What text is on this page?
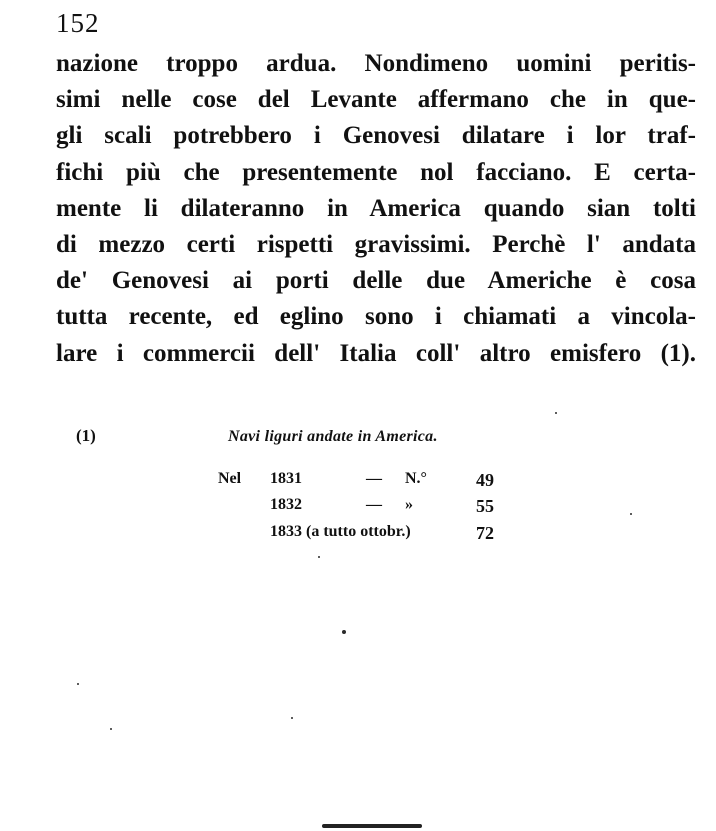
152
nazione troppo ardua. Nondimeno uomini peritis-
simi nelle cose del Levante affermano che in que-
gli scali potrebbero i Genovesi dilatare i lor traf-
fichi più che presentemente nol facciano. E certa-
mente li dilateranno in America quando sian tolti
di mezzo certi rispetti gravissimi. Perchè l' andata
de' Genovesi ai porti delle due Americhe è cosa
tutta recente, ed eglino sono i chiamati a vincola-
lare i commercii dell' Italia coll' altro emisfero (1).
(1)	Navi liguri andate in America.
Nel 1831	— N.°	49
1832	— »	55
1833 (a tutto ottobr.)	72
